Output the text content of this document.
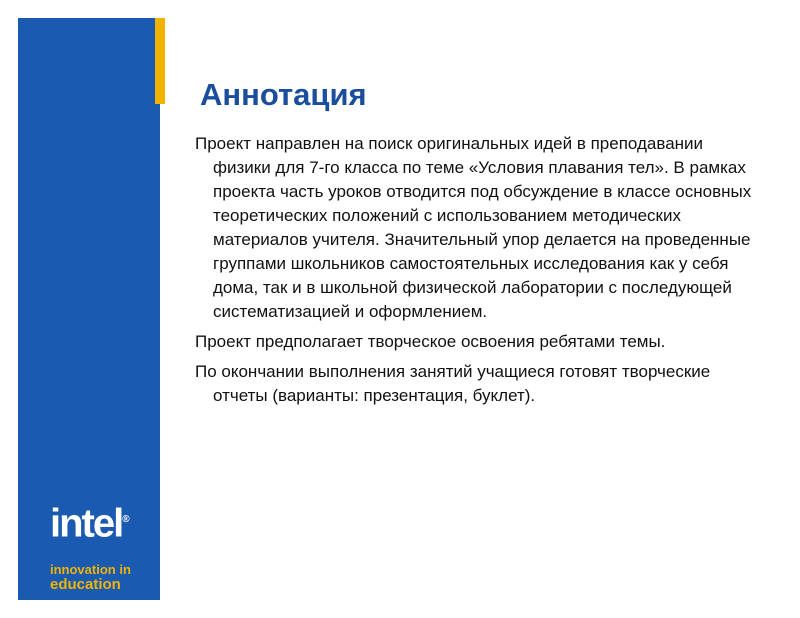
intel®

innovation in

education

Аннотация

Проект направлен на поиск оригинальных идей в преподавании физики для 7-го класса по теме «Условия плавания тел». В рамках проекта часть уроков отводится под обсуждение в классе основных теоретических положений с использованием методических материалов учителя. Значительный упор делается на проведенные группами школьников самостоятельных исследования как у себя дома, так и в школьной физической лаборатории с последующей систематизацией и оформлением.

Проект предполагает творческое освоения ребятами темы.

По окончании выполнения занятий учащиеся готовят творческие отчеты (варианты: презентация, буклет).
